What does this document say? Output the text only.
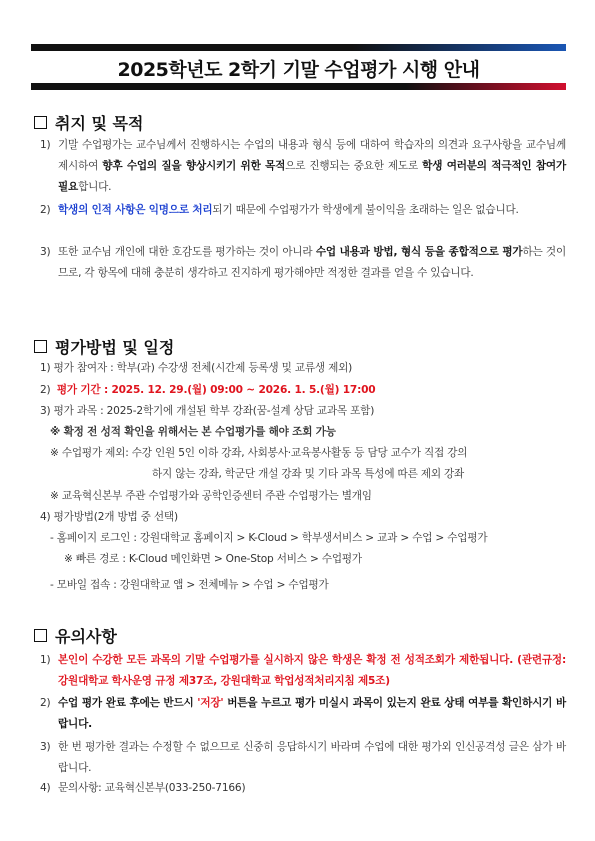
2025학년도 2학기 기말 수업평가 시행 안내
취지 및 목적
1) 기말 수업평가는 교수님께서 진행하시는 수업의 내용과 형식 등에 대하여 학습자의 의견과 요구사항을 교수님께 제시하여 향후 수업의 질을 향상시키기 위한 목적으로 진행되는 중요한 제도로 학생 여러분의 적극적인 참여가 필요합니다.
2) 학생의 인적 사항은 익명으로 처리되기 때문에 수업평가가 학생에게 불이익을 초래하는 일은 없습니다.
3) 또한 교수님 개인에 대한 호감도를 평가하는 것이 아니라 수업 내용과 방법, 형식 등을 종합적으로 평가하는 것이므로, 각 항목에 대해 충분히 생각하고 진지하게 평가해야만 적정한 결과를 얻을 수 있습니다.
평가방법 및 일정
1) 평가 참여자 : 학부(과) 수강생 전체(시간제 등록생 및 교류생 제외)
2) 평가 기간 : 2025. 12. 29.(월) 09:00 ~ 2026. 1. 5.(월) 17:00
3) 평가 과목 : 2025-2학기에 개설된 학부 강좌(꿈-설계 상담 교과목 포함)
※ 확정 전 성적 확인을 위해서는 본 수업평가를 해야 조회 가능
※ 수업평가 제외: 수강 인원 5인 이하 강좌, 사회봉사·교육봉사활동 등 담당 교수가 직접 강의
하지 않는 강좌, 학군단 개설 강좌 및 기타 과목 특성에 따른 제외 강좌
※ 교육혁신본부 주관 수업평가와 공학인증센터 주관 수업평가는 별개임
4) 평가방법(2개 방법 중 선택)
- 홈페이지 로그인 : 강원대학교 홈페이지 > K-Cloud > 학부생서비스 > 교과 > 수업 > 수업평가
※ 빠른 경로 : K-Cloud 메인화면 > One-Stop 서비스 > 수업평가
- 모바일 접속 : 강원대학교 앱 > 전체메뉴 > 수업 > 수업평가
유의사항
1) 본인이 수강한 모든 과목의 기말 수업평가를 실시하지 않은 학생은 확정 전 성적조회가 제한됩니다. (관련규정: 강원대학교 학사운영 규정 제37조, 강원대학교 학업성적처리지침 제5조)
2) 수업 평가 완료 후에는 반드시 '저장' 버튼을 누르고 평가 미실시 과목이 있는지 완료 상태 여부를 확인하시기 바랍니다.
3) 한 번 평가한 결과는 수정할 수 없으므로 신중히 응답하시기 바라며 수업에 대한 평가외 인신공격성 글은 삼가 바랍니다.
4) 문의사항: 교육혁신본부(033-250-7166)
